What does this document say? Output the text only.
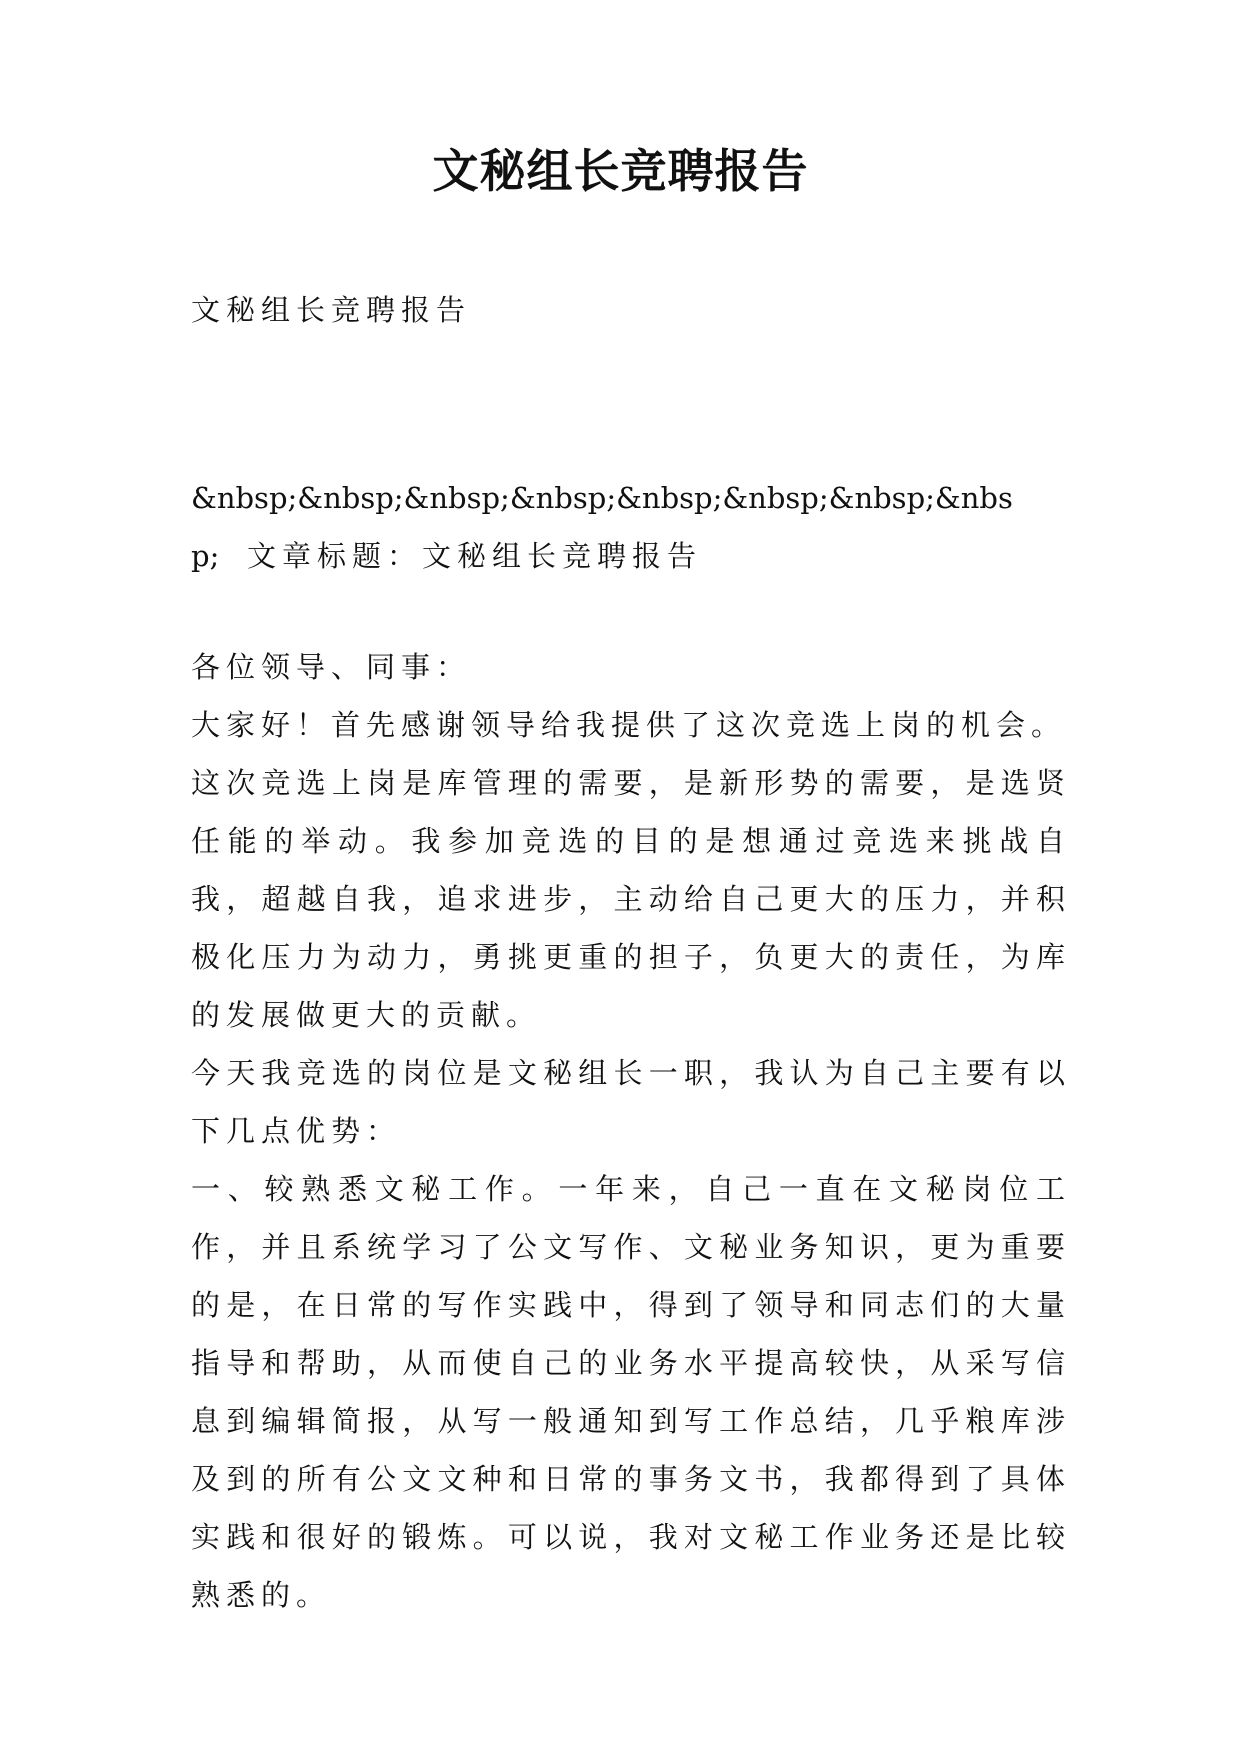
文秘组长竞聘报告

文秘组长竞聘报告

&nbsp;&nbsp;&nbsp;&nbsp;&nbsp;&nbsp;&nbsp;&nbsp; 文章标题：文秘组长竞聘报告

各位领导、同事：

大家好！首先感谢领导给我提供了这次竞选上岗的机会。

这次竞选上岗是库管理的需要，是新形势的需要，是选贤任能的举动。我参加竞选的目的是想通过竞选来挑战自我，超越自我，追求进步，主动给自己更大的压力，并积极化压力为动力，勇挑更重的担子，负更大的责任，为库的发展做更大的贡献。

今天我竞选的岗位是文秘组长一职，我认为自己主要有以下几点优势：

一、较熟悉文秘工作。一年来，自己一直在文秘岗位工作，并且系统学习了公文写作、文秘业务知识，更为重要的是，在日常的写作实践中，得到了领导和同志们的大量指导和帮助，从而使自己的业务水平提高较快，从采写信息到编辑简报，从写一般通知到写工作总结，几乎粮库涉及到的所有公文文种和日常的事务文书，我都得到了具体实践和很好的锻炼。可以说，我对文秘工作业务还是比较熟悉的。
